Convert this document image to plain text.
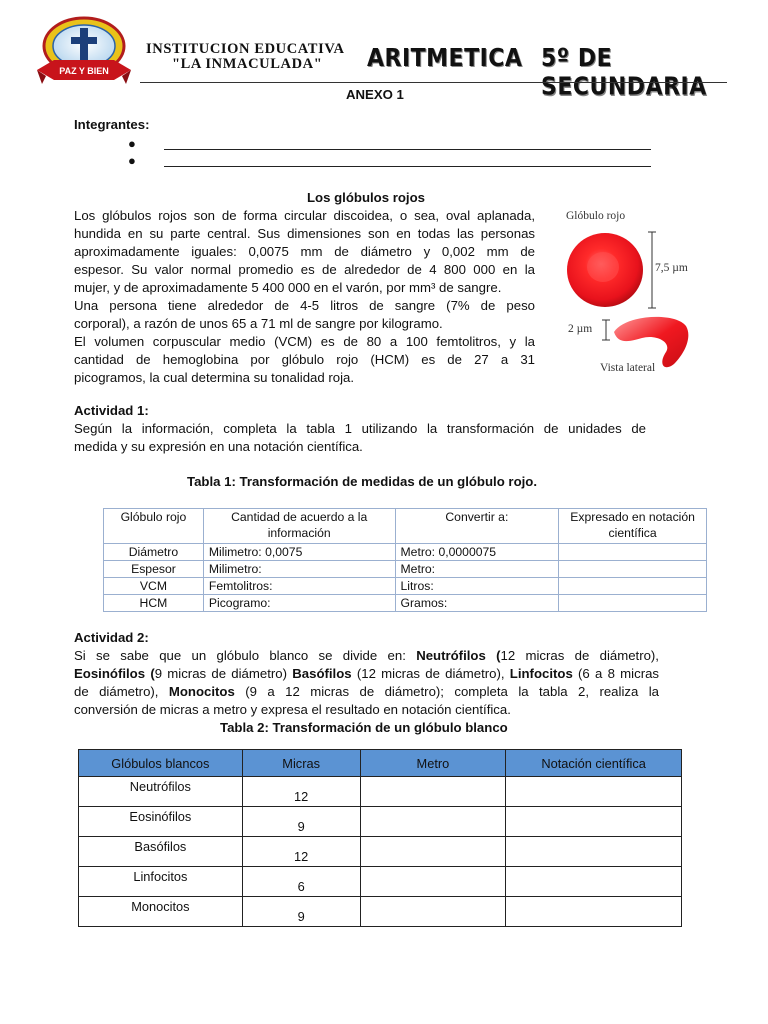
PAZ Y BIEN
INSTITUCION EDUCATIVA
"LA INMACULADA" ARITMETICA 5º DE SECUNDARIA
ANEXO 1
Integrantes:
●
●
Los glóbulos rojos
Los glóbulos rojos son de forma circular discoidea, o sea, oval aplanada,
hundida en su parte central. Sus dimensiones son en todas las personas
aproximadamente iguales: 0,0075 mm de diámetro y 0,002 mm de
espesor. Su valor normal promedio es de alrededor de 4 800 000 en la
mujer, y de aproximadamente 5 400 000 en el varón, por mm³ de sangre.
Una persona tiene alrededor de 4-5 litros de sangre (7% de peso
corporal), a razón de unos 65 a 71 ml de sangre por kilogramo.
El volumen corpuscular medio (VCM) es de 80 a 100 femtolitros, y la
cantidad de hemoglobina por glóbulo rojo (HCM) es de 27 a 31
picogramos, la cual determina su tonalidad roja.
Glóbulo rojo
7,5 µm
2 µm
Vista lateral
Actividad 1:
Según la información, completa la tabla 1 utilizando la transformación de unidades de
medida y su expresión en una notación científica.
Tabla 1: Transformación de medidas de un glóbulo rojo.
Glóbulo rojo	Cantidad de acuerdo a la información	Convertir a:	Expresado en notación científica
Diámetro	Milimetro: 0,0075	Metro: 0,0000075	
Espesor	Milimetro:	Metro:	
VCM	Femtolitros:	Litros:	
HCM	Picogramo:	Gramos:	
Actividad 2:
Si se sabe que un glóbulo blanco se divide en: Neutrófilos (12 micras de diámetro),
Eosinófilos (9 micras de diámetro) Basófilos (12 micras de diámetro), Linfocitos (6 a 8 micras
de diámetro), Monocitos (9 a 12 micras de diámetro); completa la tabla 2, realiza la
conversión de micras a metro y expresa el resultado en notación científica.
Tabla 2: Transformación de un glóbulo blanco
Glóbulos blancos	Micras	Metro	Notación científica
Neutrófilos	12		
Eosinófilos	9		
Basófilos	12		
Linfocitos	6		
Monocitos	9		
